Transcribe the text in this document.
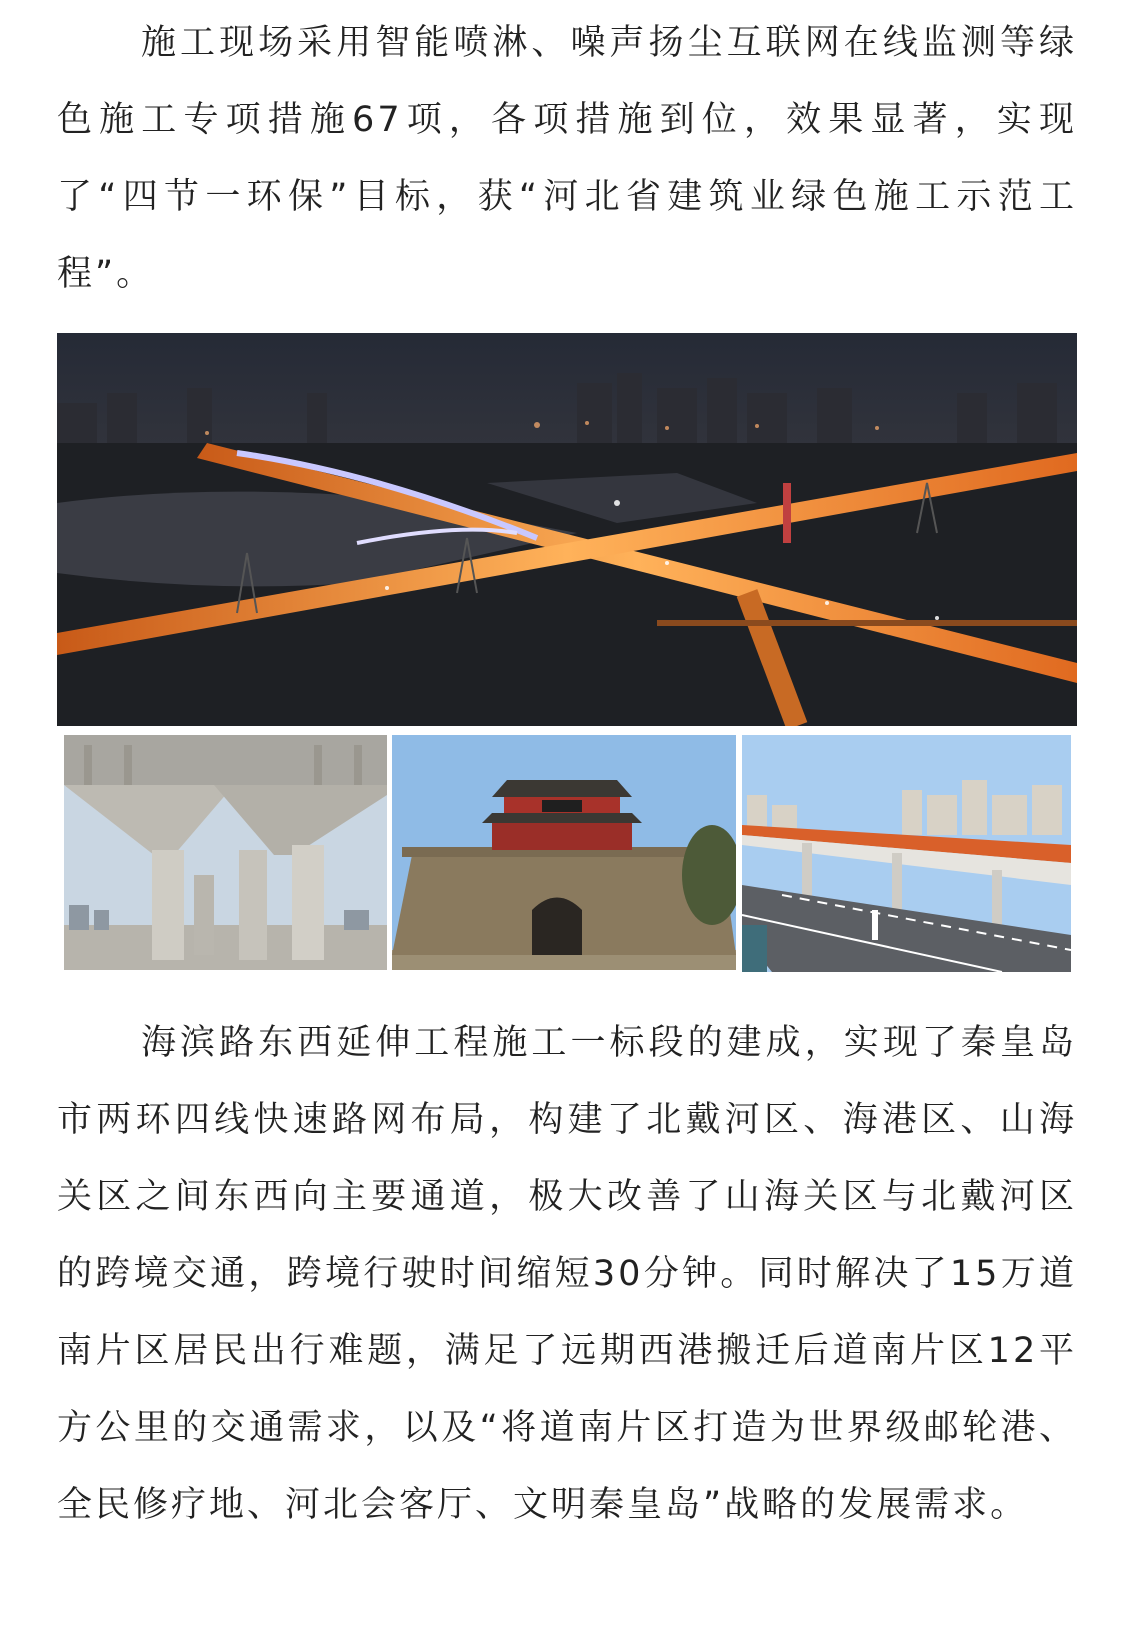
施工现场采用智能喷淋、噪声扬尘互联网在线监测等绿色施工专项措施67项，各项措施到位，效果显著，实现了“四节一环保”目标，获“河北省建筑业绿色施工示范工程”。

海滨路东西延伸工程施工一标段的建成，实现了秦皇岛市两环四线快速路网布局，构建了北戴河区、海港区、山海关区之间东西向主要通道，极大改善了山海关区与北戴河区的跨境交通，跨境行驶时间缩短30分钟。同时解决了15万道南片区居民出行难题，满足了远期西港搬迁后道南片区12平方公里的交通需求，以及“将道南片区打造为世界级邮轮港、全民修疗地、河北会客厅、文明秦皇岛”战略的发展需求。
